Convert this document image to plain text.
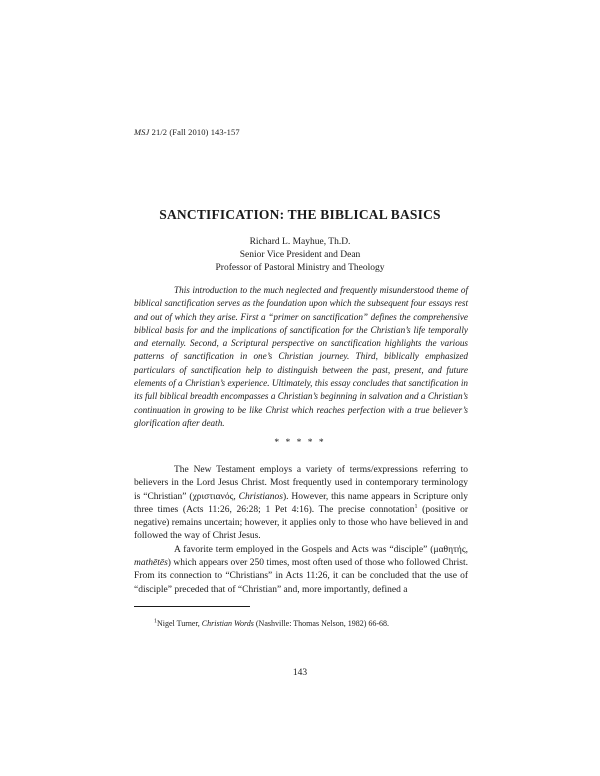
MSJ 21/2 (Fall 2010) 143-157
SANCTIFICATION: THE BIBLICAL BASICS
Richard L. Mayhue, Th.D.
Senior Vice President and Dean
Professor of Pastoral Ministry and Theology
This introduction to the much neglected and frequently misunderstood theme of biblical sanctification serves as the foundation upon which the subsequent four essays rest and out of which they arise. First a “primer on sanctification” defines the comprehensive biblical basis for and the implications of sanctification for the Christian’s life temporally and eternally. Second, a Scriptural perspective on sanctification highlights the various patterns of sanctification in one’s Christian journey. Third, biblically emphasized particulars of sanctification help to distinguish between the past, present, and future elements of a Christian’s experience. Ultimately, this essay concludes that sanctification in its full biblical breadth encompasses a Christian’s beginning in salvation and a Christian’s continuation in growing to be like Christ which reaches perfection with a true believer’s glorification after death.
* * * * *

The New Testament employs a variety of terms/expressions referring to believers in the Lord Jesus Christ. Most frequently used in contemporary terminology is “Christian” (χριστιανός, Christianos). However, this name appears in Scripture only three times (Acts 11:26, 26:28; 1 Pet 4:16). The precise connotation$^1$ (positive or negative) remains uncertain; however, it applies only to those who have believed in and followed the way of Christ Jesus.

A favorite term employed in the Gospels and Acts was “disciple” (μαθητής, mathētēs) which appears over 250 times, most often used of those who followed Christ. From its connection to “Christians” in Acts 11:26, it can be concluded that the use of “disciple” preceded that of “Christian” and, more importantly, defined a

$^1$Nigel Turner, Christian Words (Nashville: Thomas Nelson, 1982) 66-68.
143
